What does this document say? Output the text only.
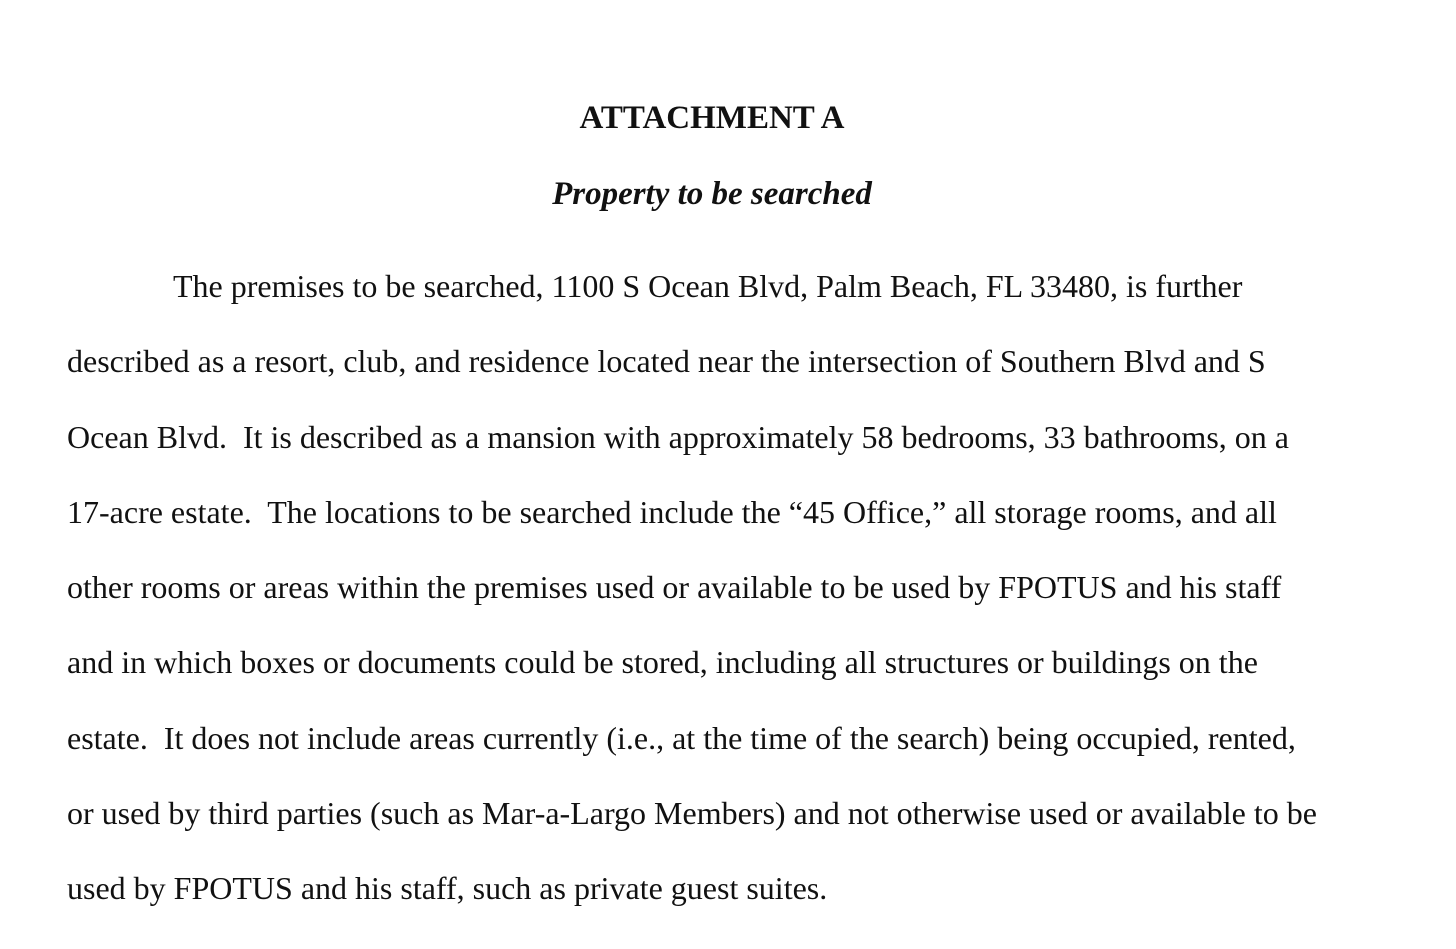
ATTACHMENT A
Property to be searched
The premises to be searched, 1100 S Ocean Blvd, Palm Beach, FL 33480, is further
described as a resort, club, and residence located near the intersection of Southern Blvd and S
Ocean Blvd.  It is described as a mansion with approximately 58 bedrooms, 33 bathrooms, on a
17-acre estate.  The locations to be searched include the “45 Office,” all storage rooms, and all
other rooms or areas within the premises used or available to be used by FPOTUS and his staff
and in which boxes or documents could be stored, including all structures or buildings on the
estate.  It does not include areas currently (i.e., at the time of the search) being occupied, rented,
or used by third parties (such as Mar-a-Largo Members) and not otherwise used or available to be
used by FPOTUS and his staff, such as private guest suites.
